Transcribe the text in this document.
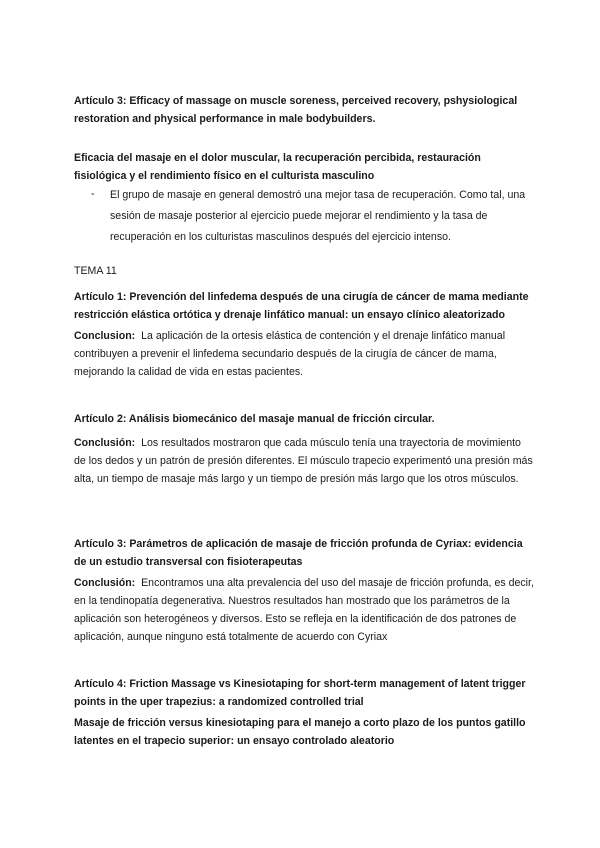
Artículo 3: Efficacy of massage on muscle soreness, perceived recovery, pshysiological restoration and physical performance in male bodybuilders.

Eficacia del masaje en el dolor muscular, la recuperación percibida, restauración fisiológica y el rendimiento físico en el culturista masculino

- El grupo de masaje en general demostró una mejor tasa de recuperación. Como tal, una sesión de masaje posterior al ejercicio puede mejorar el rendimiento y la tasa de recuperación en los culturistas masculinos después del ejercicio intenso.

TEMA 11

Artículo 1: Prevención del linfedema después de una cirugía de cáncer de mama mediante restricción elástica ortótica y drenaje linfático manual: un ensayo clínico aleatorizado

Conclusion: La aplicación de la ortesis elástica de contención y el drenaje linfático manual contribuyen a prevenir el linfedema secundario después de la cirugía de cáncer de mama, mejorando la calidad de vida en estas pacientes.

Artículo 2: Análisis biomecánico del masaje manual de fricción circular.

Conclusión: Los resultados mostraron que cada músculo tenía una trayectoria de movimiento de los dedos y un patrón de presión diferentes. El músculo trapecio experimentó una presión más alta, un tiempo de masaje más largo y un tiempo de presión más largo que los otros músculos.

Artículo 3: Parámetros de aplicación de masaje de fricción profunda de Cyriax: evidencia de un estudio transversal con fisioterapeutas

Conclusión: Encontramos una alta prevalencia del uso del masaje de fricción profunda, es decir, en la tendinopatía degenerativa. Nuestros resultados han mostrado que los parámetros de la aplicación son heterogéneos y diversos. Esto se refleja en la identificación de dos patrones de aplicación, aunque ninguno está totalmente de acuerdo con Cyriax

Artículo 4: Friction Massage vs Kinesiotaping for short-term management of latent trigger points in the uper trapezius: a randomized controlled trial

Masaje de fricción versus kinesiotaping para el manejo a corto plazo de los puntos gatillo latentes en el trapecio superior: un ensayo controlado aleatorio
